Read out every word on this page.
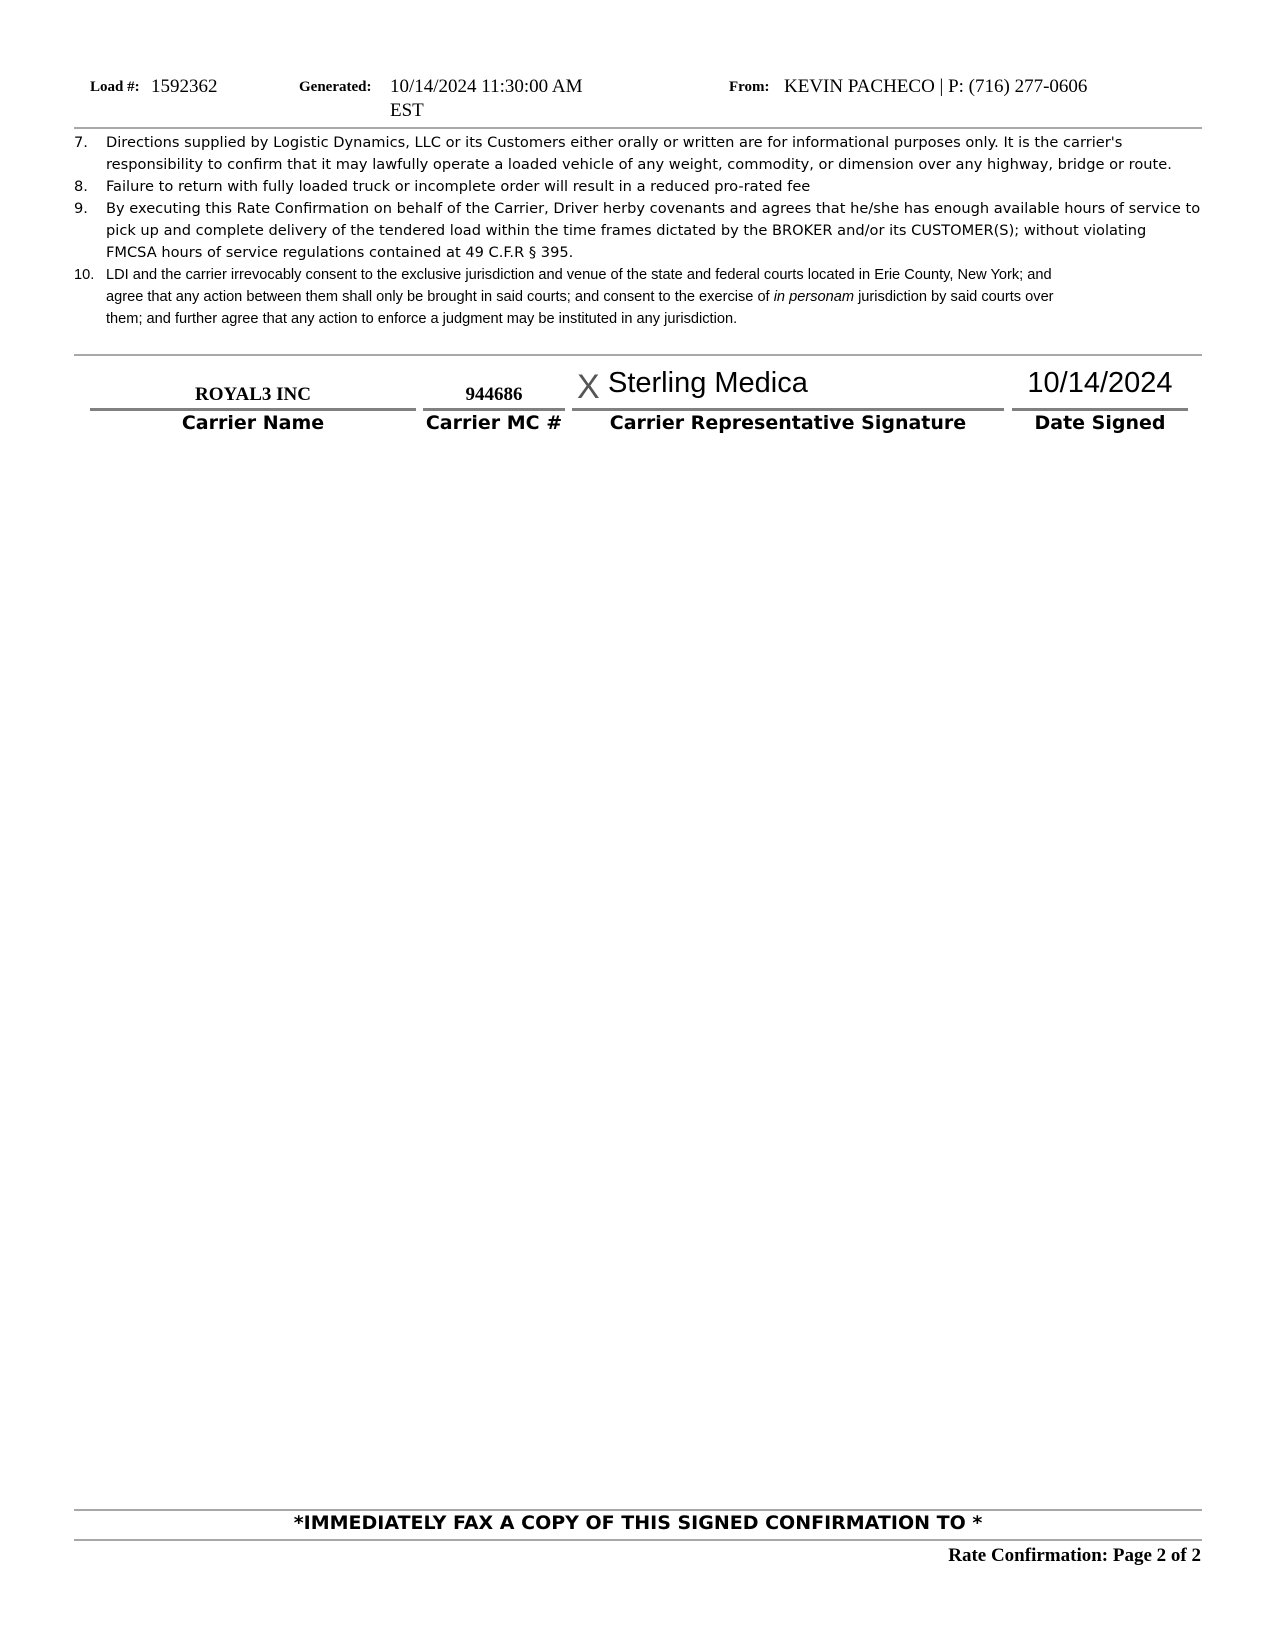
Load #: 1592362	Generated: 10/14/2024 11:30:00 AM
EST
From: KEVIN PACHECO | P: (716) 277-0606
7. Directions supplied by Logistic Dynamics, LLC or its Customers either orally or written are for informational purposes only. It is the carrier's
responsibility to confirm that it may lawfully operate a loaded vehicle of any weight, commodity, or dimension over any highway, bridge or route.
8. Failure to return with fully loaded truck or incomplete order will result in a reduced pro-rated fee
9. By executing this Rate Confirmation on behalf of the Carrier, Driver herby covenants and agrees that he/she has enough available hours of service to
pick up and complete delivery of the tendered load within the time frames dictated by the BROKER and/or its CUSTOMER(S); without violating
FMCSA hours of service regulations contained at 49 C.F.R § 395.
10. LDI and the carrier irrevocably consent to the exclusive jurisdiction and venue of the state and federal courts located in Erie County, New York; and
agree that any action between them shall only be brought in said courts; and consent to the exercise of in personam jurisdiction by said courts over
them; and further agree that any action to enforce a judgment may be instituted in any jurisdiction.
ROYAL3 INC
Carrier Name
944686
Carrier MC #
X Sterling Medica
Carrier Representative Signature
10/14/2024
Date Signed
*IMMEDIATELY FAX A COPY OF THIS SIGNED CONFIRMATION TO *
Rate Confirmation: Page 2 of 2
